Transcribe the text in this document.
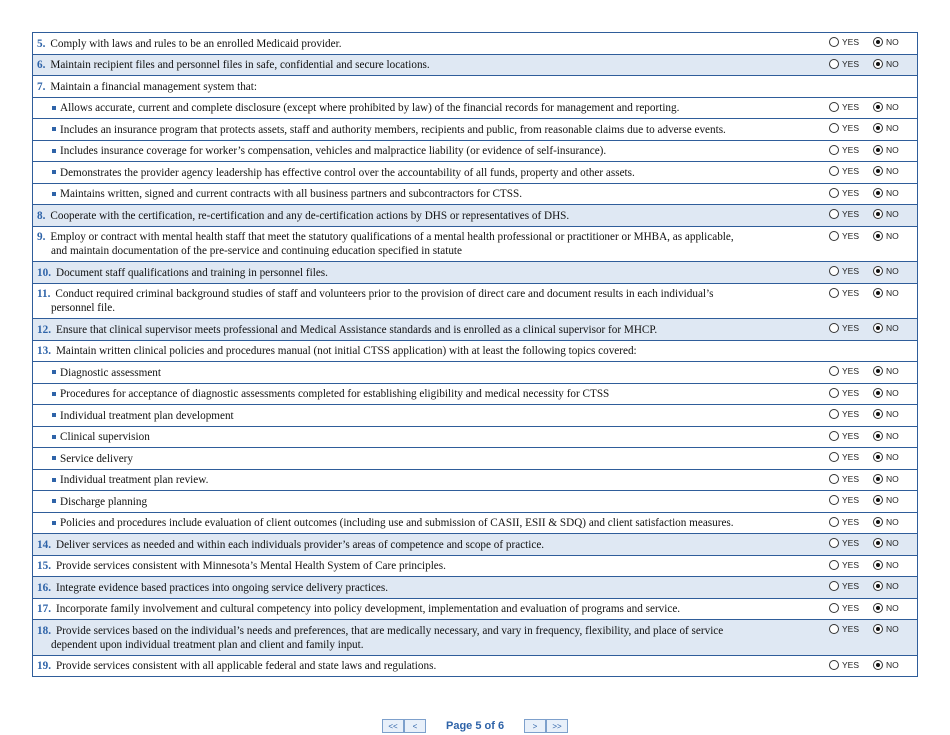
5. Comply with laws and rules to be an enrolled Medicaid provider.	YES	NO
6. Maintain recipient files and personnel files in safe, confidential and secure locations.	YES	NO
7. Maintain a financial management system that:
Allows accurate, current and complete disclosure (except where prohibited by law) of the financial records for management and reporting.	YES	NO
Includes an insurance program that protects assets, staff and authority members, recipients and public, from reasonable claims due to adverse events.	YES	NO
Includes insurance coverage for worker’s compensation, vehicles and malpractice liability (or evidence of self-insurance).	YES	NO
Demonstrates the provider agency leadership has effective control over the accountability of all funds, property and other assets.	YES	NO
Maintains written, signed and current contracts with all business partners and subcontractors for CTSS.	YES	NO
8. Cooperate with the certification, re-certification and any de-certification actions by DHS or representatives of DHS.	YES	NO
9. Employ or contract with mental health staff that meet the statutory qualifications of a mental health professional or practitioner or MHBA, as applicable,
and maintain documentation of the pre-service and continuing education specified in statute
YES	NO
10. Document staff qualifications and training in personnel files.	YES	NO
11. Conduct required criminal background studies of staff and volunteers prior to the provision of direct care and document results in each individual’s
personnel file.
YES	NO
12. Ensure that clinical supervisor meets professional and Medical Assistance standards and is enrolled as a clinical supervisor for MHCP.	YES	NO
13. Maintain written clinical policies and procedures manual (not initial CTSS application) with at least the following topics covered:
Diagnostic assessment	YES	NO
Procedures for acceptance of diagnostic assessments completed for establishing eligibility and medical necessity for CTSS	YES	NO
Individual treatment plan development	YES	NO
Clinical supervision	YES	NO
Service delivery	YES	NO
Individual treatment plan review.	YES	NO
Discharge planning	YES	NO
Policies and procedures include evaluation of client outcomes (including use and submission of CASII, ESII & SDQ) and client satisfaction measures.	YES	NO
14. Deliver services as needed and within each individuals provider’s areas of competence and scope of practice.	YES	NO
15. Provide services consistent with Minnesota’s Mental Health System of Care principles.	YES	NO
16. Integrate evidence based practices into ongoing service delivery practices.	YES	NO
17. Incorporate family involvement and cultural competency into policy development, implementation and evaluation of programs and service.	YES	NO
18. Provide services based on the individual’s needs and preferences, that are medically necessary, and vary in frequency, flexibility, and place of service
dependent upon individual treatment plan and client and family input.
YES	NO
19. Provide services consistent with all applicable federal and state laws and regulations.	YES	NO
<<	<	Page 5 of 6	>	>>
